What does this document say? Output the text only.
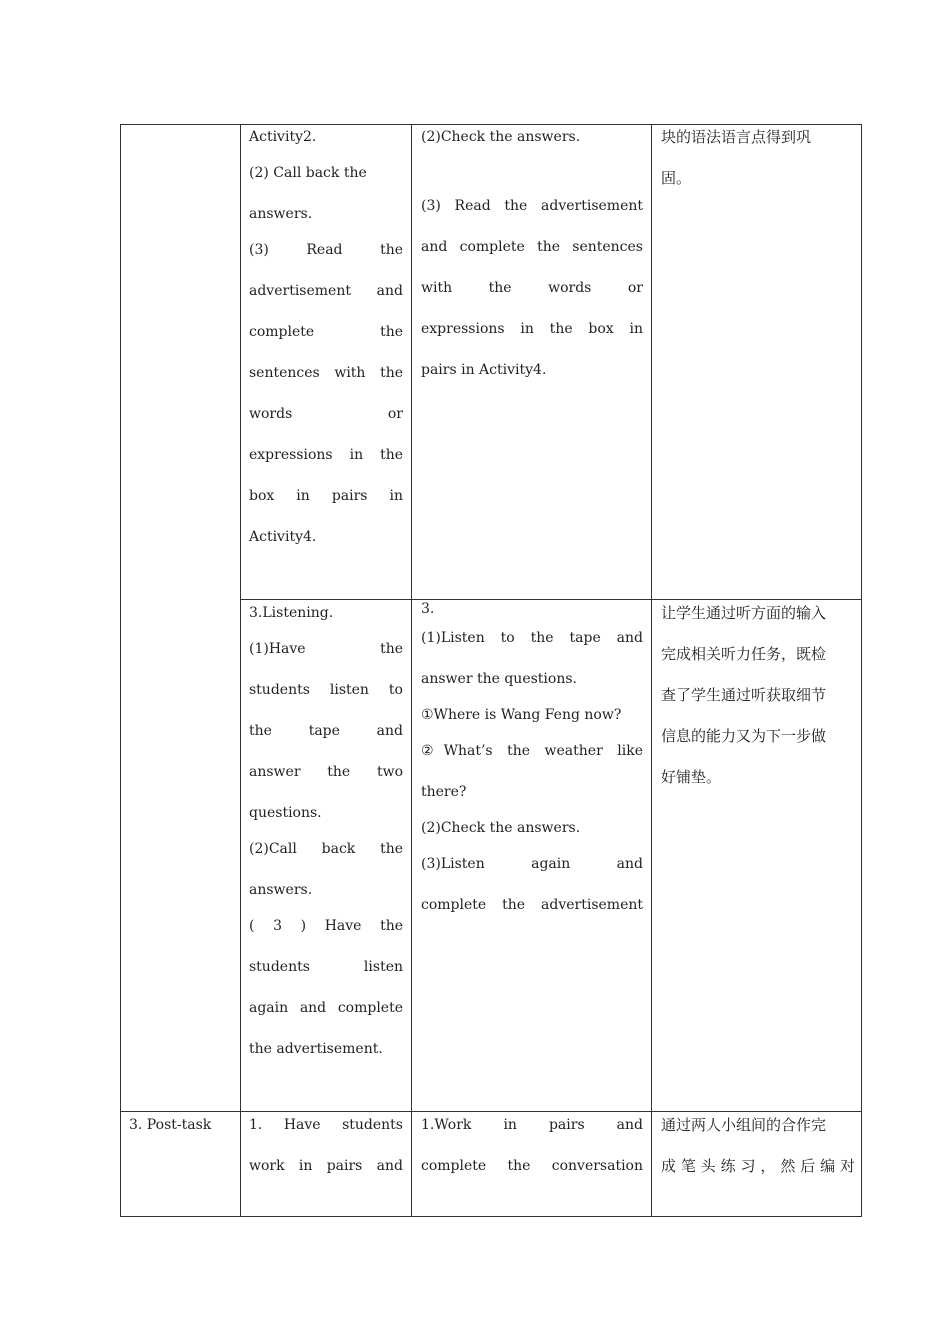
Activity2.
(2) Call back the
answers.
(3) Read the
advertisement and
complete the
sentences with the
words or
expressions in the
box in pairs in
Activity4.
(2)Check the answers.
(3) Read the advertisement
and complete the sentences
with the words or
expressions in the box in
pairs in Activity4.
块的语法语言点得到巩
固。
3.Listening.
(1)Have the
students listen to
the tape and
answer the two
questions.
(2)Call back the
answers.
( 3 ) Have the
students listen
again and complete
the advertisement.
3.
(1)Listen to the tape and
answer the questions.
①Where is Wang Feng now?
②What’s the weather like
there?
(2)Check the answers.
(3)Listen again and
complete the advertisement
让学生通过听方面的输入
完成相关听力任务，既检
查了学生通过听获取细节
信息的能力又为下一步做
好铺垫。
3. Post-task	1. Have students
work in pairs and
1.Work in pairs and
complete the conversation
通过两人小组间的合作完
成笔头练习，然后编对
